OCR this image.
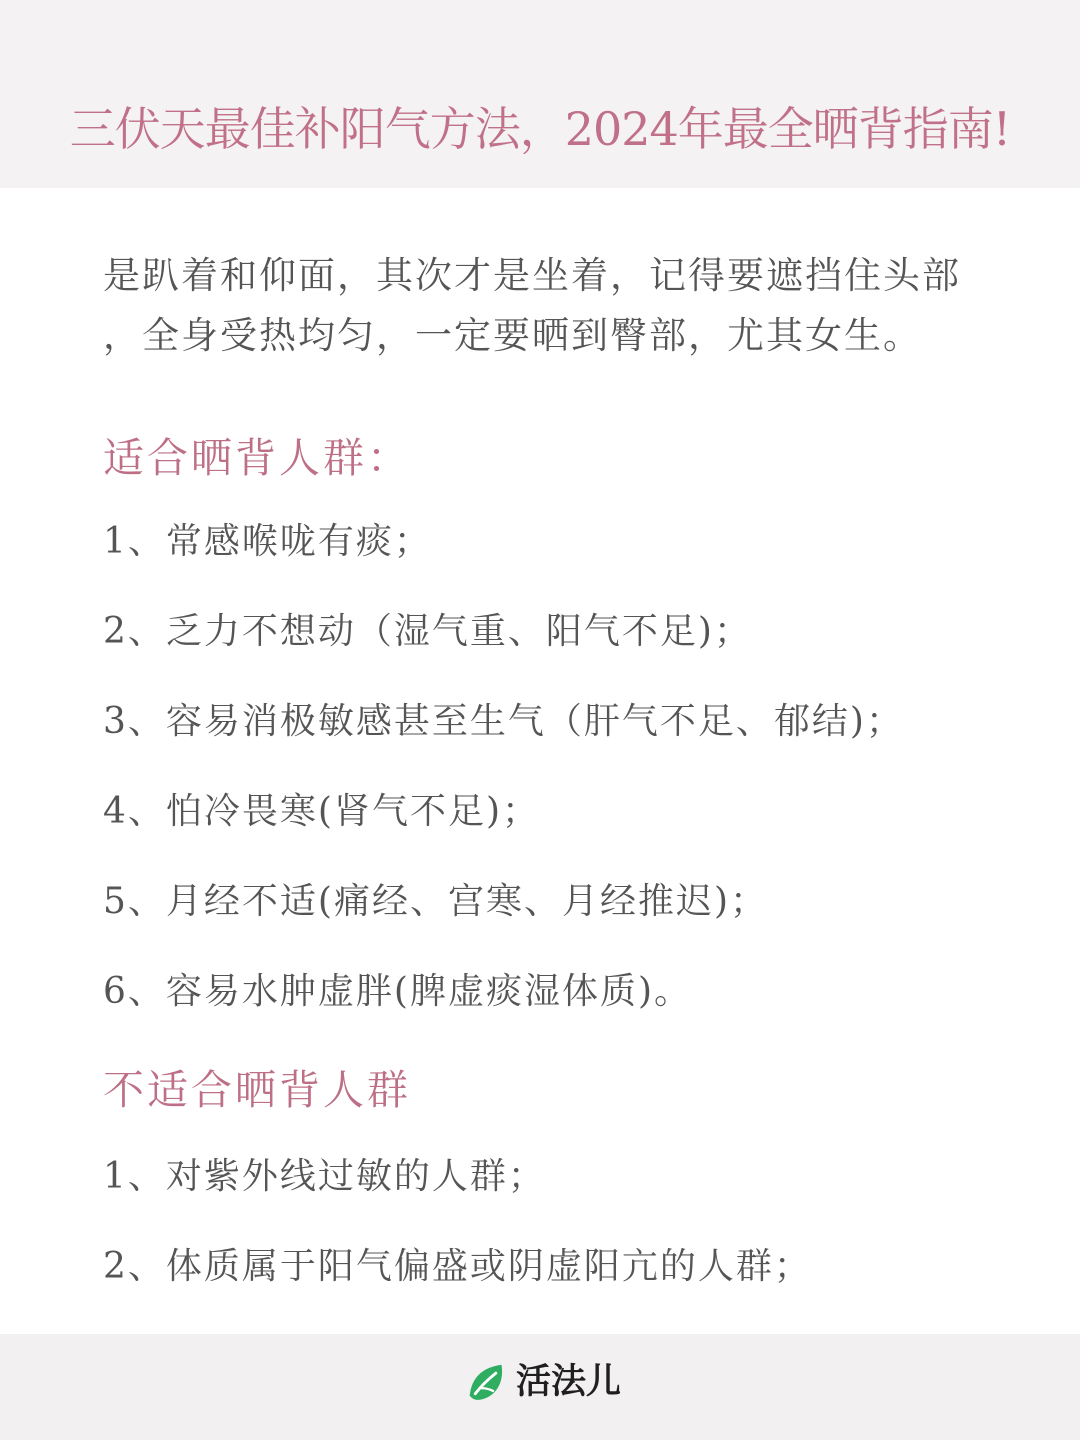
三伏天最佳补阳气方法，2024年最全晒背指南!

是趴着和仰面，其次才是坐着，记得要遮挡住头部

，全身受热均匀，一定要晒到臀部，尤其女生。

适合晒背人群：
1、常感喉咙有痰；
2、乏力不想动（湿气重、阳气不足)；
3、容易消极敏感甚至生气（肝气不足、郁结)；
4、怕冷畏寒(肾气不足)；
5、月经不适(痛经、宫寒、月经推迟)；
6、容易水肿虚胖(脾虚痰湿体质)。
不适合晒背人群
1、对紫外线过敏的人群；
2、体质属于阳气偏盛或阴虚阳亢的人群；
活法儿
